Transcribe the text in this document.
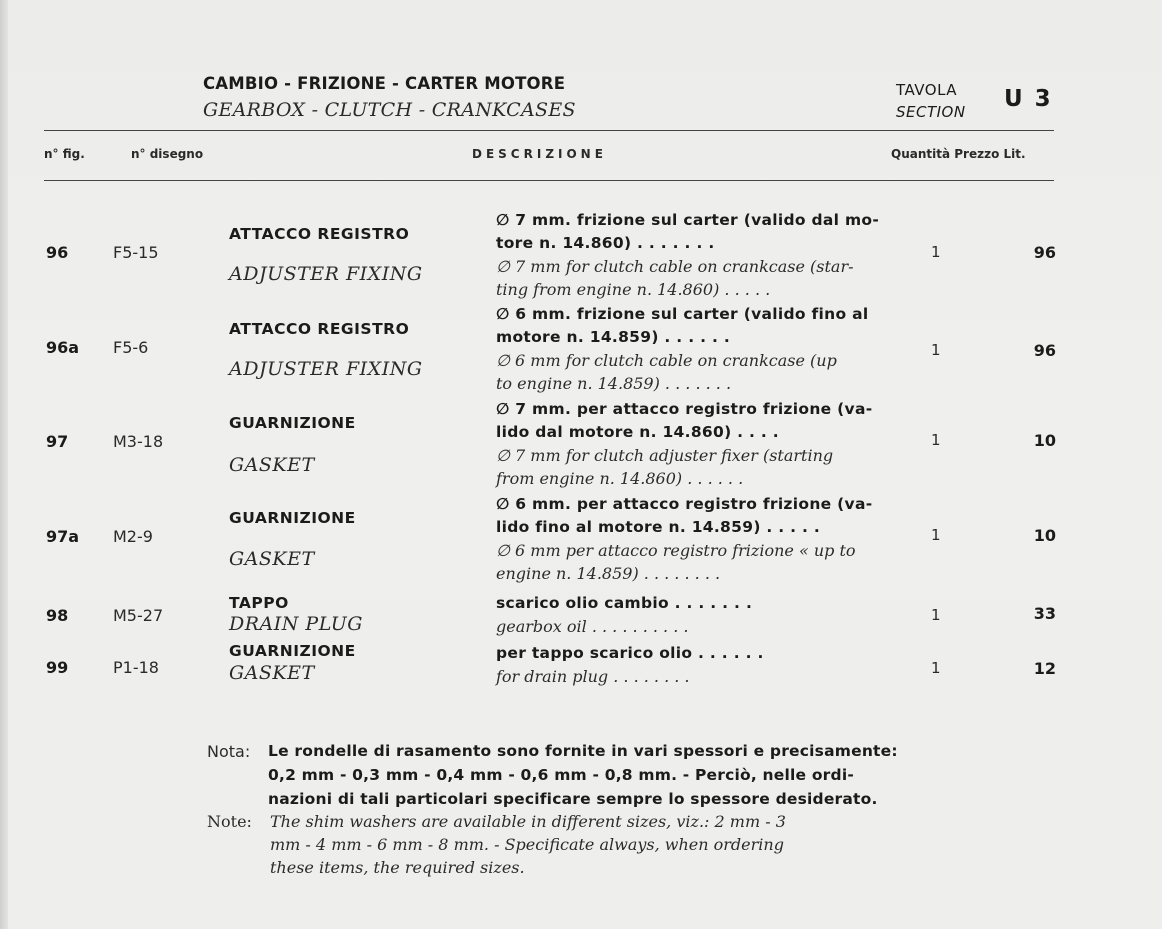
CAMBIO - FRIZIONE - CARTER MOTORE
GEARBOX - CLUTCH - CRANKCASES
TAVOLA
SECTION U 3
n° fig.	n° disegno	DESCRIZIONE	Quantità Prezzo Lit.
96	F5-15
ATTACCO REGISTRO
ADJUSTER FIXING
∅ 7 mm. frizione sul carter (valido dal mo-
tore n. 14.860) . . . . . . .
∅ 7 mm for clutch cable on crankcase (star-
ting from engine n. 14.860) . . . . .
1	96
96a F5-6
ATTACCO REGISTRO
ADJUSTER FIXING
∅ 6 mm. frizione sul carter (valido fino al
motore n. 14.859) . . . . . .
∅ 6 mm for clutch cable on crankcase (up
to engine n. 14.859) . . . . . . .
1	96
97	M3-18
GUARNIZIONE
GASKET
∅ 7 mm. per attacco registro frizione (va-
lido dal motore n. 14.860) . . . .
∅ 7 mm for clutch adjuster fixer (starting
from engine n. 14.860) . . . . . .
1	10
97a M2-9
GUARNIZIONE
GASKET
∅ 6 mm. per attacco registro frizione (va-
lido fino al motore n. 14.859) . . . . .
∅ 6 mm per attacco registro frizione « up to
engine n. 14.859) . . . . . . . .
1	10
98	M5-27
TAPPO
DRAIN PLUG
scarico olio cambio . . . . . . .
gearbox oil . . . . . . . . . .
1	33
99	P1-18
GUARNIZIONE
GASKET
per tappo scarico olio . . . . . .
for drain plug . . . . . . . .	1	12
Nota: Le rondelle di rasamento sono fornite in vari spessori e precisamente:
0,2 mm - 0,3 mm - 0,4 mm - 0,6 mm - 0,8 mm. - Perciò, nelle ordi-
nazioni di tali particolari specificare sempre lo spessore desiderato.
Note: The shim washers are available in different sizes, viz.: 2 mm - 3
mm - 4 mm - 6 mm - 8 mm. - Specificate always, when ordering
these items, the required sizes.
